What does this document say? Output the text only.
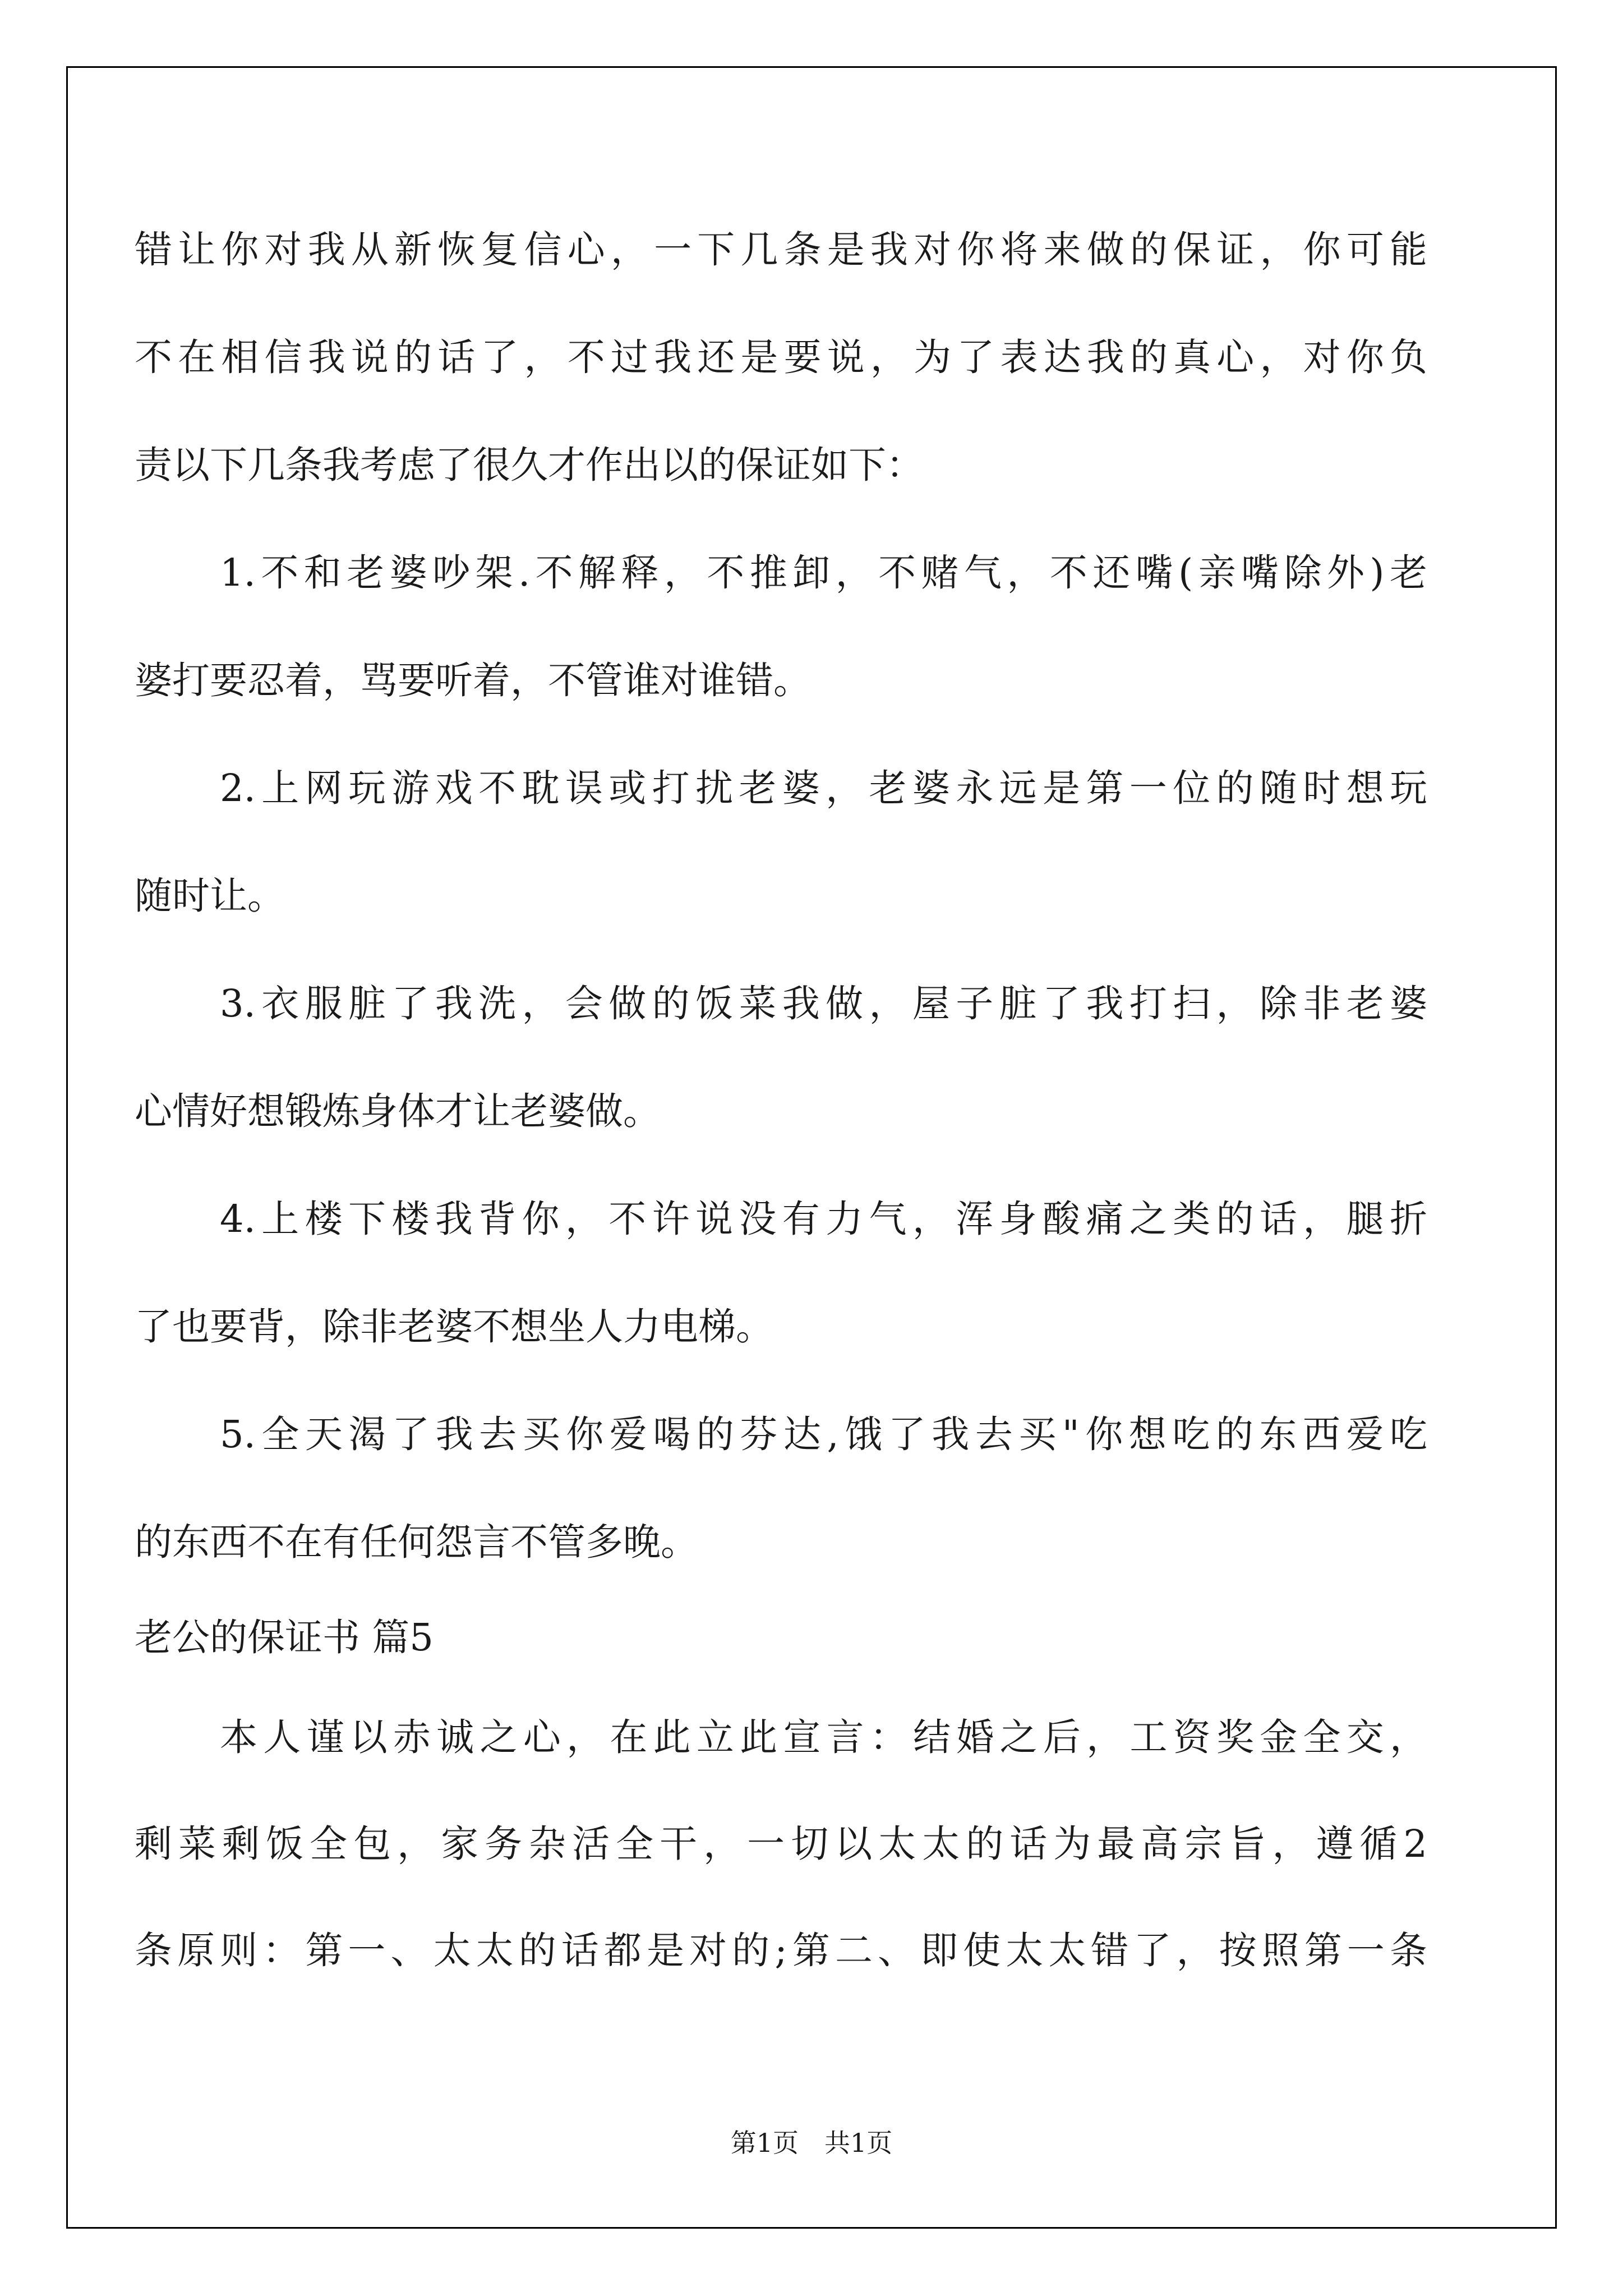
错让你对我从新恢复信心，一下几条是我对你将来做的保证，你可能
不在相信我说的话了，不过我还是要说，为了表达我的真心，对你负
责以下几条我考虑了很久才作出以的保证如下：
1.不和老婆吵架.不解释，不推卸，不赌气，不还嘴(亲嘴除外)老
婆打要忍着，骂要听着，不管谁对谁错。
2.上网玩游戏不耽误或打扰老婆，老婆永远是第一位的随时想玩
随时让。
3.衣服脏了我洗，会做的饭菜我做，屋子脏了我打扫，除非老婆
心情好想锻炼身体才让老婆做。
4.上楼下楼我背你，不许说没有力气，浑身酸痛之类的话，腿折
了也要背，除非老婆不想坐人力电梯。
5.全天渴了我去买你爱喝的芬达,饿了我去买"你想吃的东西爱吃
的东西不在有任何怨言不管多晚。
老公的保证书 篇5
本人谨以赤诚之心，在此立此宣言：结婚之后，工资奖金全交，
剩菜剩饭全包，家务杂活全干，一切以太太的话为最高宗旨，遵循2
条原则：第一、太太的话都是对的;第二、即使太太错了，按照第一条
第1页　共1页
